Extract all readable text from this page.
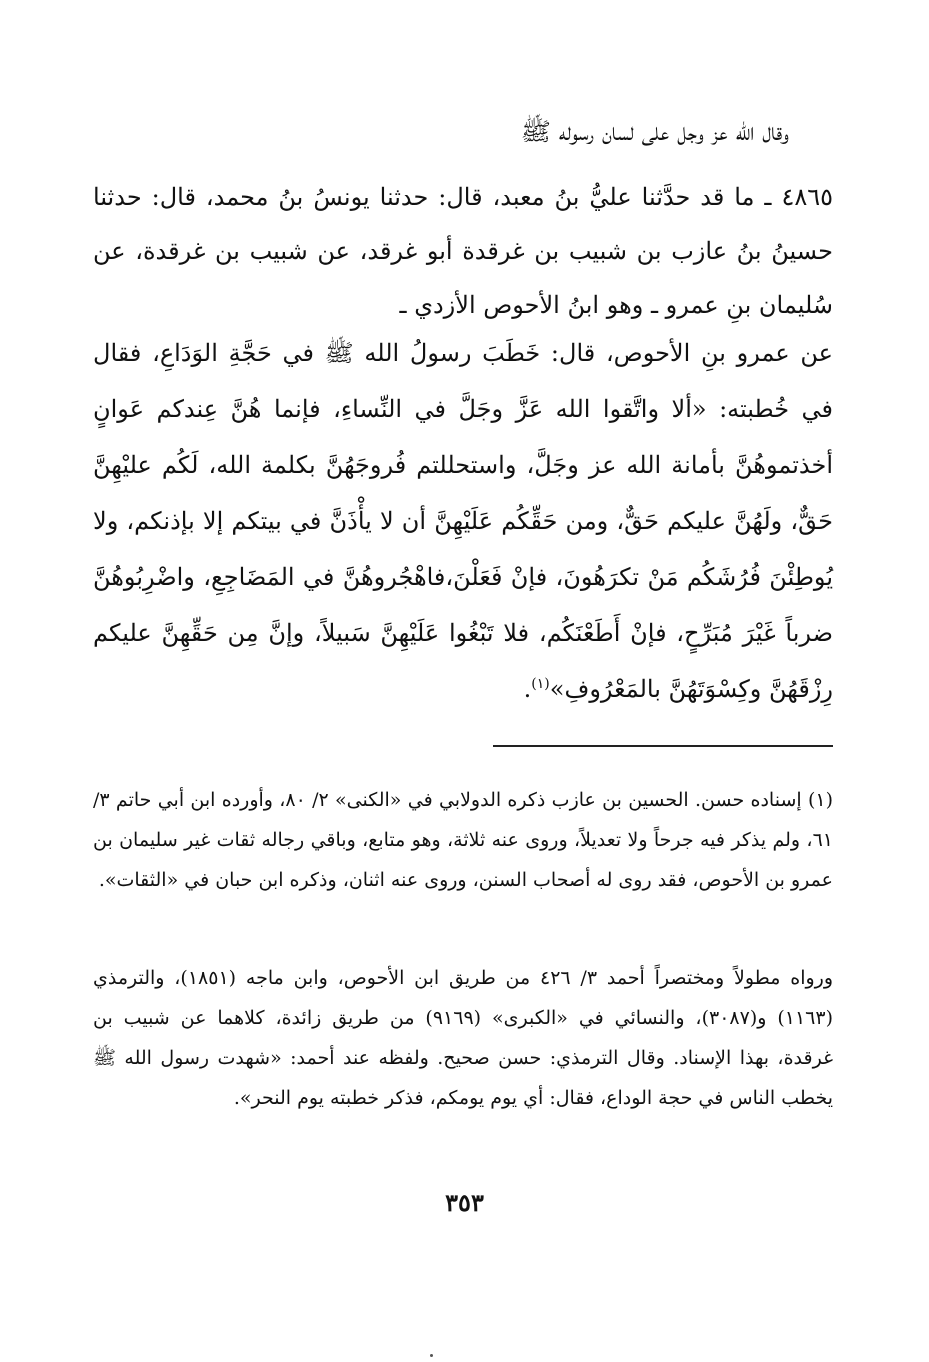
وقال الله عز وجل على لسان رسوله ﷺ
٤٨٦٥ ـ ما قد حدَّثنا عليُّ بنُ معبد، قال: حدثنا يونسُ بنُ محمد، قال: حدثنا حسينُ بنُ عازب بن شبيب بن غرقدة أبو غرقد، عن شبيب بن غرقدة، عن سُليمان بنِ عمرو ـ وهو ابنُ الأحوص الأزدي ـ
عن عمرو بنِ الأحوص، قال: خَطَبَ رسولُ الله ﷺ في حَجَّةِ الوَدَاعِ، فقال في خُطبته: «ألا واتَّقوا الله عَزَّ وجَلَّ في النِّساءِ، فإنما هُنَّ عِندكم عَوانٍ أخذتموهُنَّ بأمانة الله عز وجَلَّ، واستحللتم فُروجَهُنَّ بكلمة الله، لَكُم عليْهِنَّ حَقٌّ، ولَهُنَّ عليكم حَقٌّ، ومن حَقِّكُم عَلَيْهِنَّ أن لا يأْذَنَّ في بيتكم إلا بإذنكم، ولا يُوطِئْنَ فُرُشَكُم مَنْ تكرَهُونَ، فإنْ فَعَلْنَ،فاهْجُروهُنَّ في المَضَاجِعِ، واضْرِبُوهُنَّ ضرباً غَيْرَ مُبَرِّحٍ، فإنْ أَطَعْنَكُم، فلا تَبْغُوا عَلَيْهِنَّ سَبيلاً، وإنَّ مِن حَقِّهِنَّ عليكم رِزْقَهُنَّ وكِسْوَتَهُنَّ بالمَعْرُوفِ»$^{(١)}$.
(١) إسناده حسن. الحسين بن عازب ذكره الدولابي في «الكنى» ٢/ ٨٠، وأورده ابن أبي حاتم ٣/ ٦١، ولم يذكر فيه جرحاً ولا تعديلاً، وروى عنه ثلاثة، وهو متابع، وباقي رجاله ثقات غير سليمان بن عمرو بن الأحوص، فقد روى له أصحاب السنن، وروى عنه اثنان، وذكره ابن حبان في «الثقات».
ورواه مطولاً ومختصراً أحمد ٣/ ٤٢٦ من طريق ابن الأحوص، وابن ماجه (١٨٥١)، والترمذي (١١٦٣) و(٣٠٨٧)، والنسائي في «الكبرى» (٩١٦٩) من طريق زائدة، كلاهما عن شبيب بن غرقدة، بهذا الإسناد. وقال الترمذي: حسن صحيح. ولفظه عند أحمد: «شهدت رسول الله ﷺ يخطب الناس في حجة الوداع، فقال: أي يوم يومكم، فذكر خطبته يوم النحر».
٣٥٣
